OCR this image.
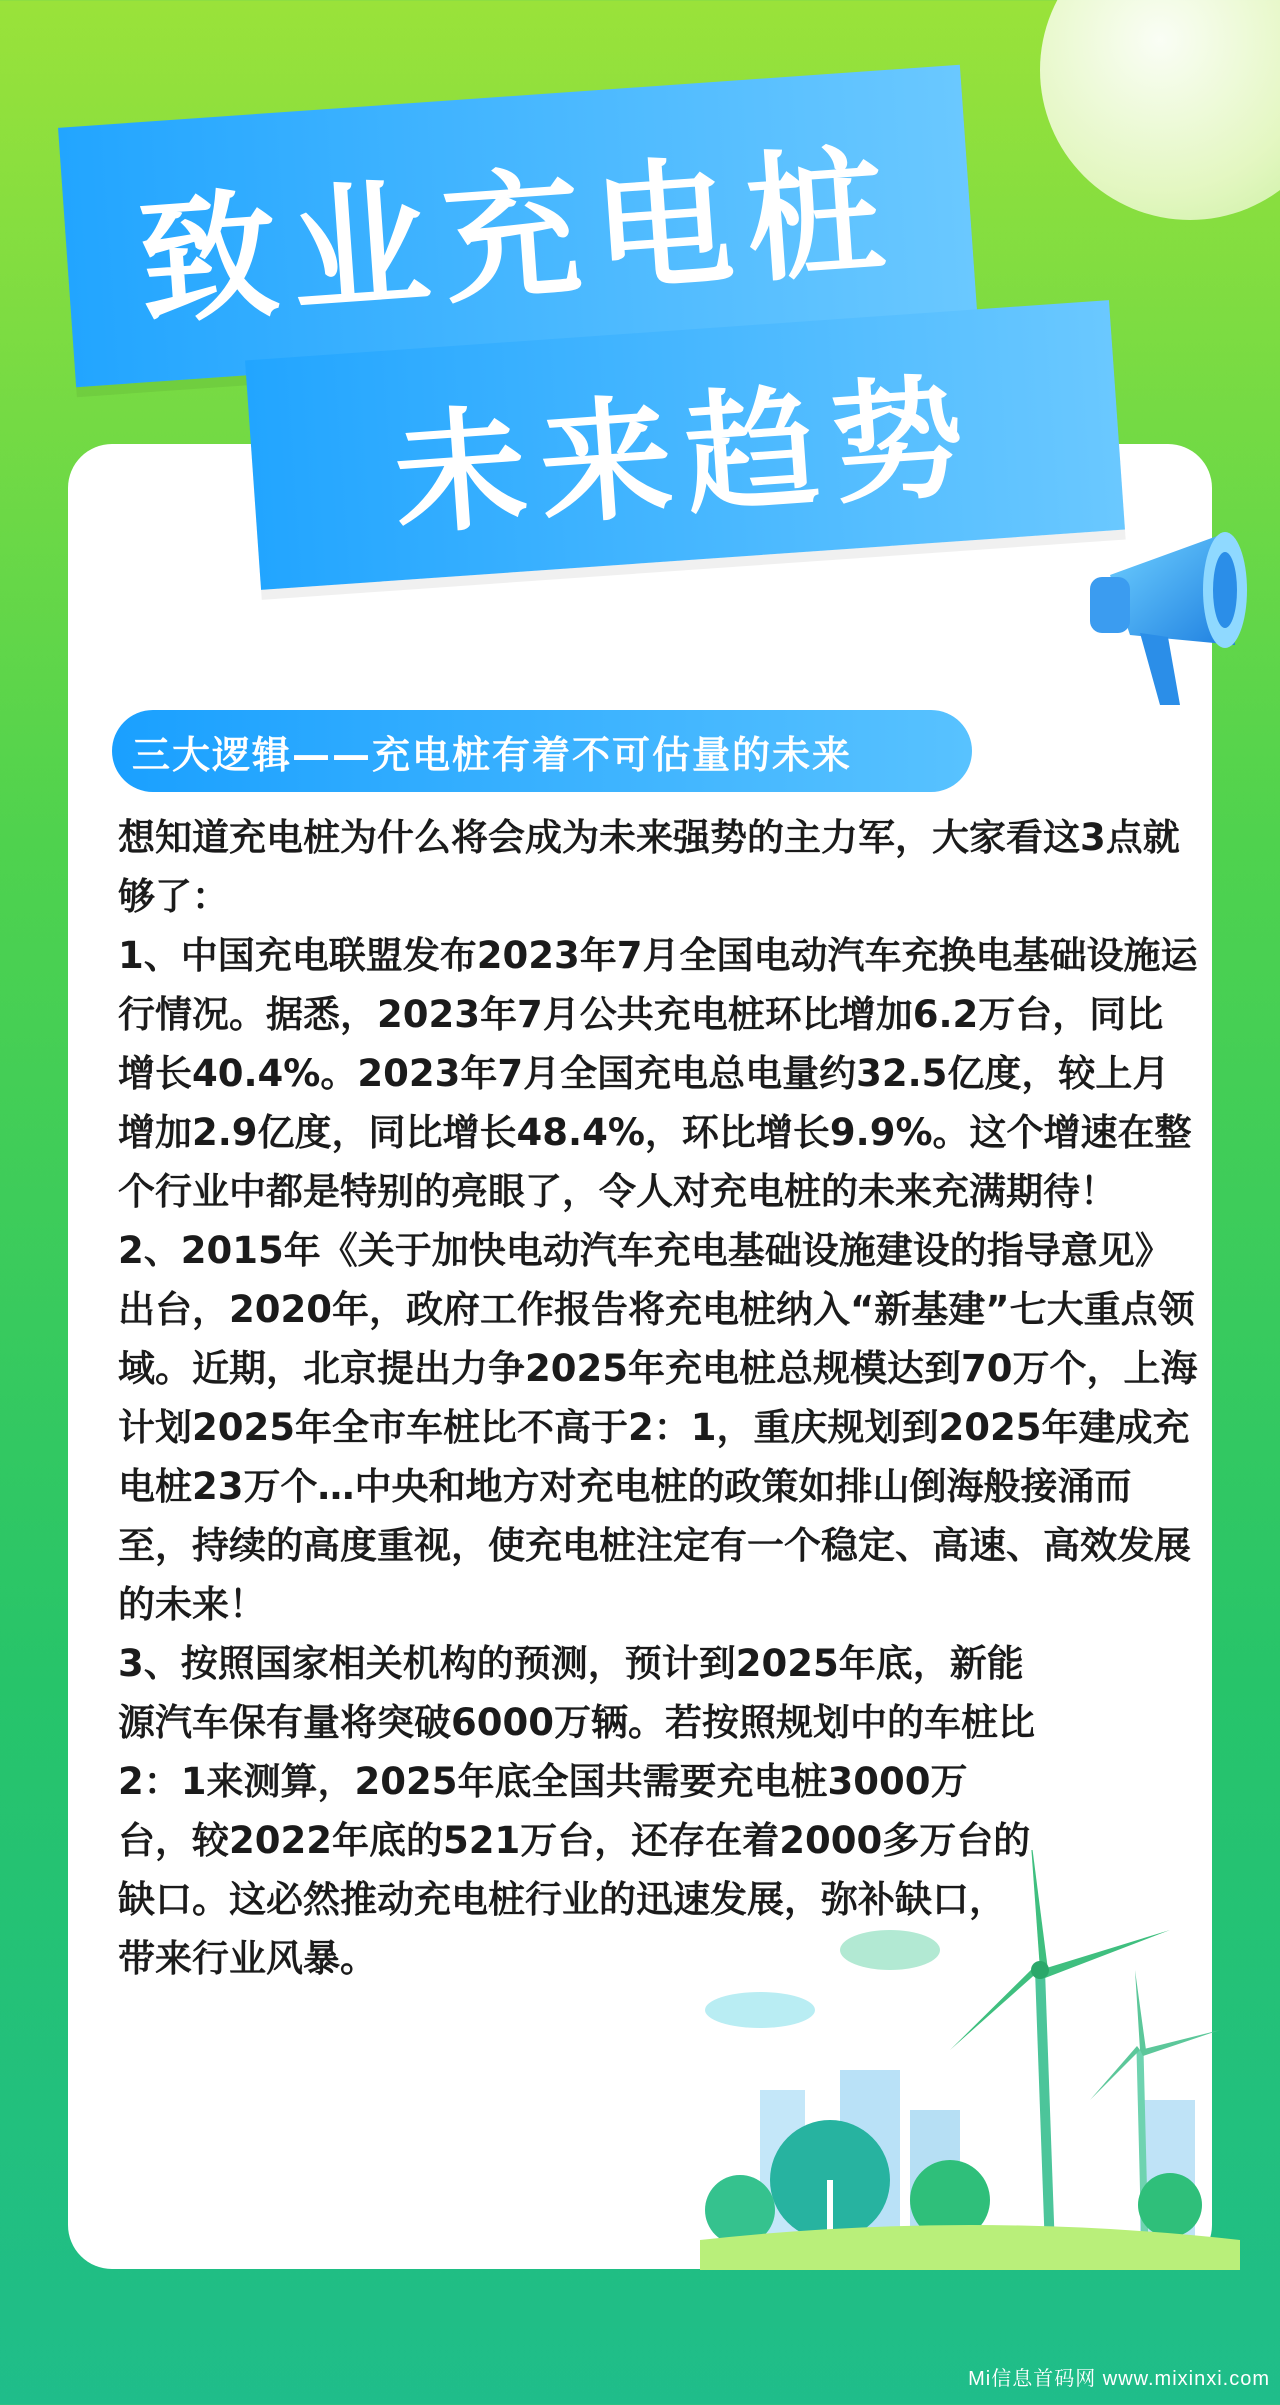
致业充电桩
未来趋势
三大逻辑——充电桩有着不可估量的未来

想知道充电桩为什么将会成为未来强势的主力军，大家看这3点就够了：

1、中国充电联盟发布2023年7月全国电动汽车充换电基础设施运行情况。据悉，2023年7月公共充电桩环比增加6.2万台，同比增长40.4%。2023年7月全国充电总电量约32.5亿度，较上月增加2.9亿度，同比增长48.4%，环比增长9.9%。这个增速在整个行业中都是特别的亮眼了，令人对充电桩的未来充满期待！

2、2015年《关于加快电动汽车充电基础设施建设的指导意见》出台，2020年，政府工作报告将充电桩纳入“新基建”七大重点领域。近期，北京提出力争2025年充电桩总规模达到70万个，上海计划2025年全市车桩比不高于2：1，重庆规划到2025年建成充电桩23万个…中央和地方对充电桩的政策如排山倒海般接涌而至，持续的高度重视，使充电桩注定有一个稳定、高速、高效发展的未来！

3、按照国家相关机构的预测，预计到2025年底，新能源汽车保有量将突破6000万辆。若按照规划中的车桩比2：1来测算，2025年底全国共需要充电桩3000万台，较2022年底的521万台，还存在着2000多万台的缺口。这必然推动充电桩行业的迅速发展，弥补缺口，带来行业风暴。

Mi信息首码网 www.mixinxi.com
